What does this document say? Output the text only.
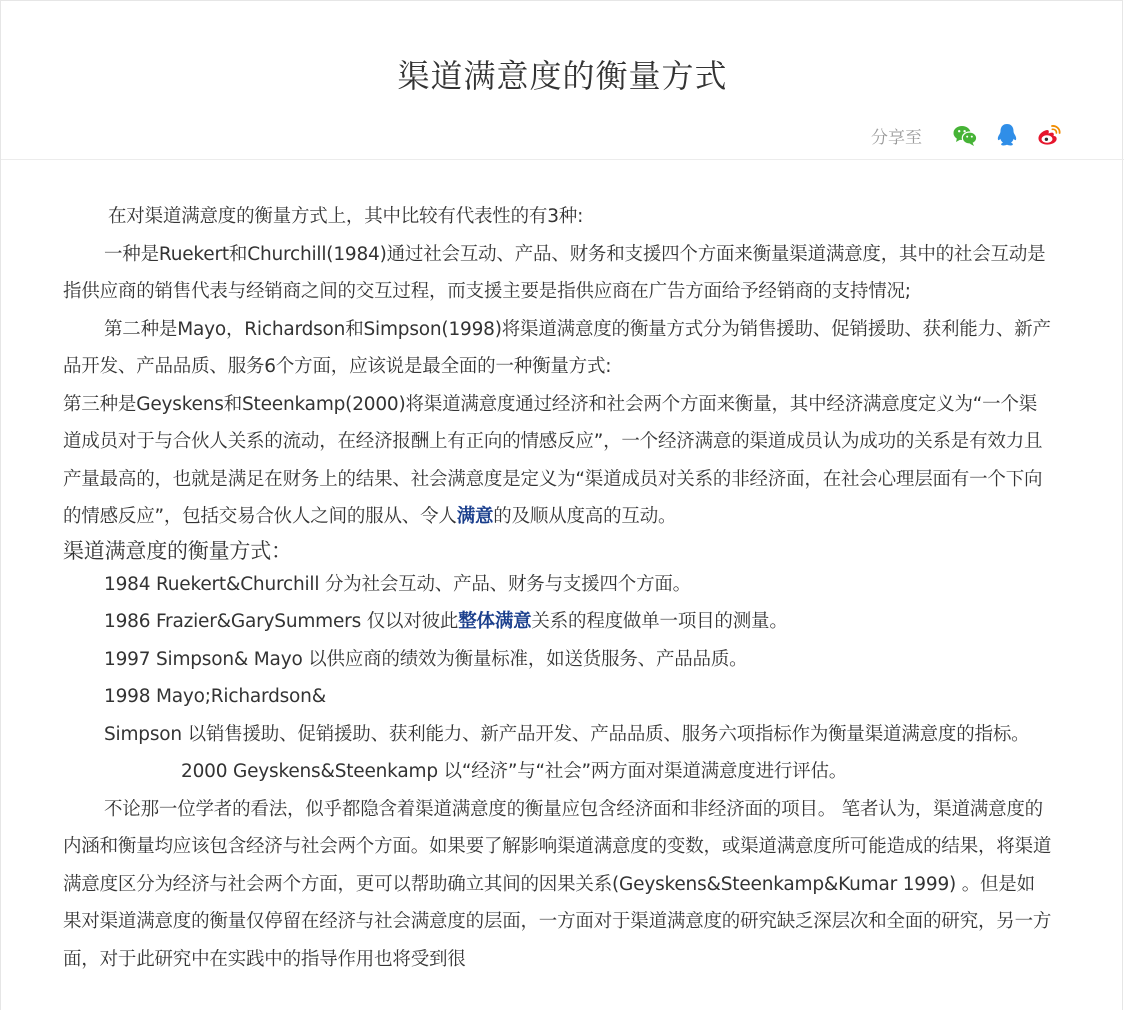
渠道满意度的衡量方式
分享至

在对渠道满意度的衡量方式上，其中比较有代表性的有3种:

一种是Ruekert和Churchill(1984)通过社会互动、产品、财务和支援四个方面来衡量渠道满意度，其中的社会互动是指供应商的销售代表与经销商之间的交互过程，而支援主要是指供应商在广告方面给予经销商的支持情况;

第二种是Mayo，Richardson和Simpson(1998)将渠道满意度的衡量方式分为销售援助、促销援助、获利能力、新产品开发、产品品质、服务6个方面，应该说是最全面的一种衡量方式:

第三种是Geyskens和Steenkamp(2000)将渠道满意度通过经济和社会两个方面来衡量，其中经济满意度定义为“一个渠道成员对于与合伙人关系的流动，在经济报酬上有正向的情感反应”，一个经济满意的渠道成员认为成功的关系是有效力且产量最高的，也就是满足在财务上的结果、社会满意度是定义为“渠道成员对关系的非经济面，在社会心理层面有一个下向的情感反应”，包括交易合伙人之间的服从、令人满意的及顺从度高的互动。

渠道满意度的衡量方式：

1984 Ruekert&Churchill 分为社会互动、产品、财务与支援四个方面。

1986 Frazier&GarySummers 仅以对彼此整体满意关系的程度做单一项目的测量。

1997 Simpson& Mayo 以供应商的绩效为衡量标准，如送货服务、产品品质。

1998 Mayo;Richardson&

Simpson 以销售援助、促销援助、获利能力、新产品开发、产品品质、服务六项指标作为衡量渠道满意度的指标。2000 Geyskens&Steenkamp 以“经济”与“社会”两方面对渠道满意度进行评估。

不论那一位学者的看法，似乎都隐含着渠道满意度的衡量应包含经济面和非经济面的项目。 笔者认为，渠道满意度的内涵和衡量均应该包含经济与社会两个方面。如果要了解影响渠道满意度的变数，或渠道满意度所可能造成的结果，将渠道满意度区分为经济与社会两个方面，更可以帮助确立其间的因果关系(Geyskens&Steenkamp&Kumar 1999) 。但是如果对渠道满意度的衡量仅停留在经济与社会满意度的层面，一方面对于渠道满意度的研究缺乏深层次和全面的研究，另一方面，对于此研究中在实践中的指导作用也将受到很
